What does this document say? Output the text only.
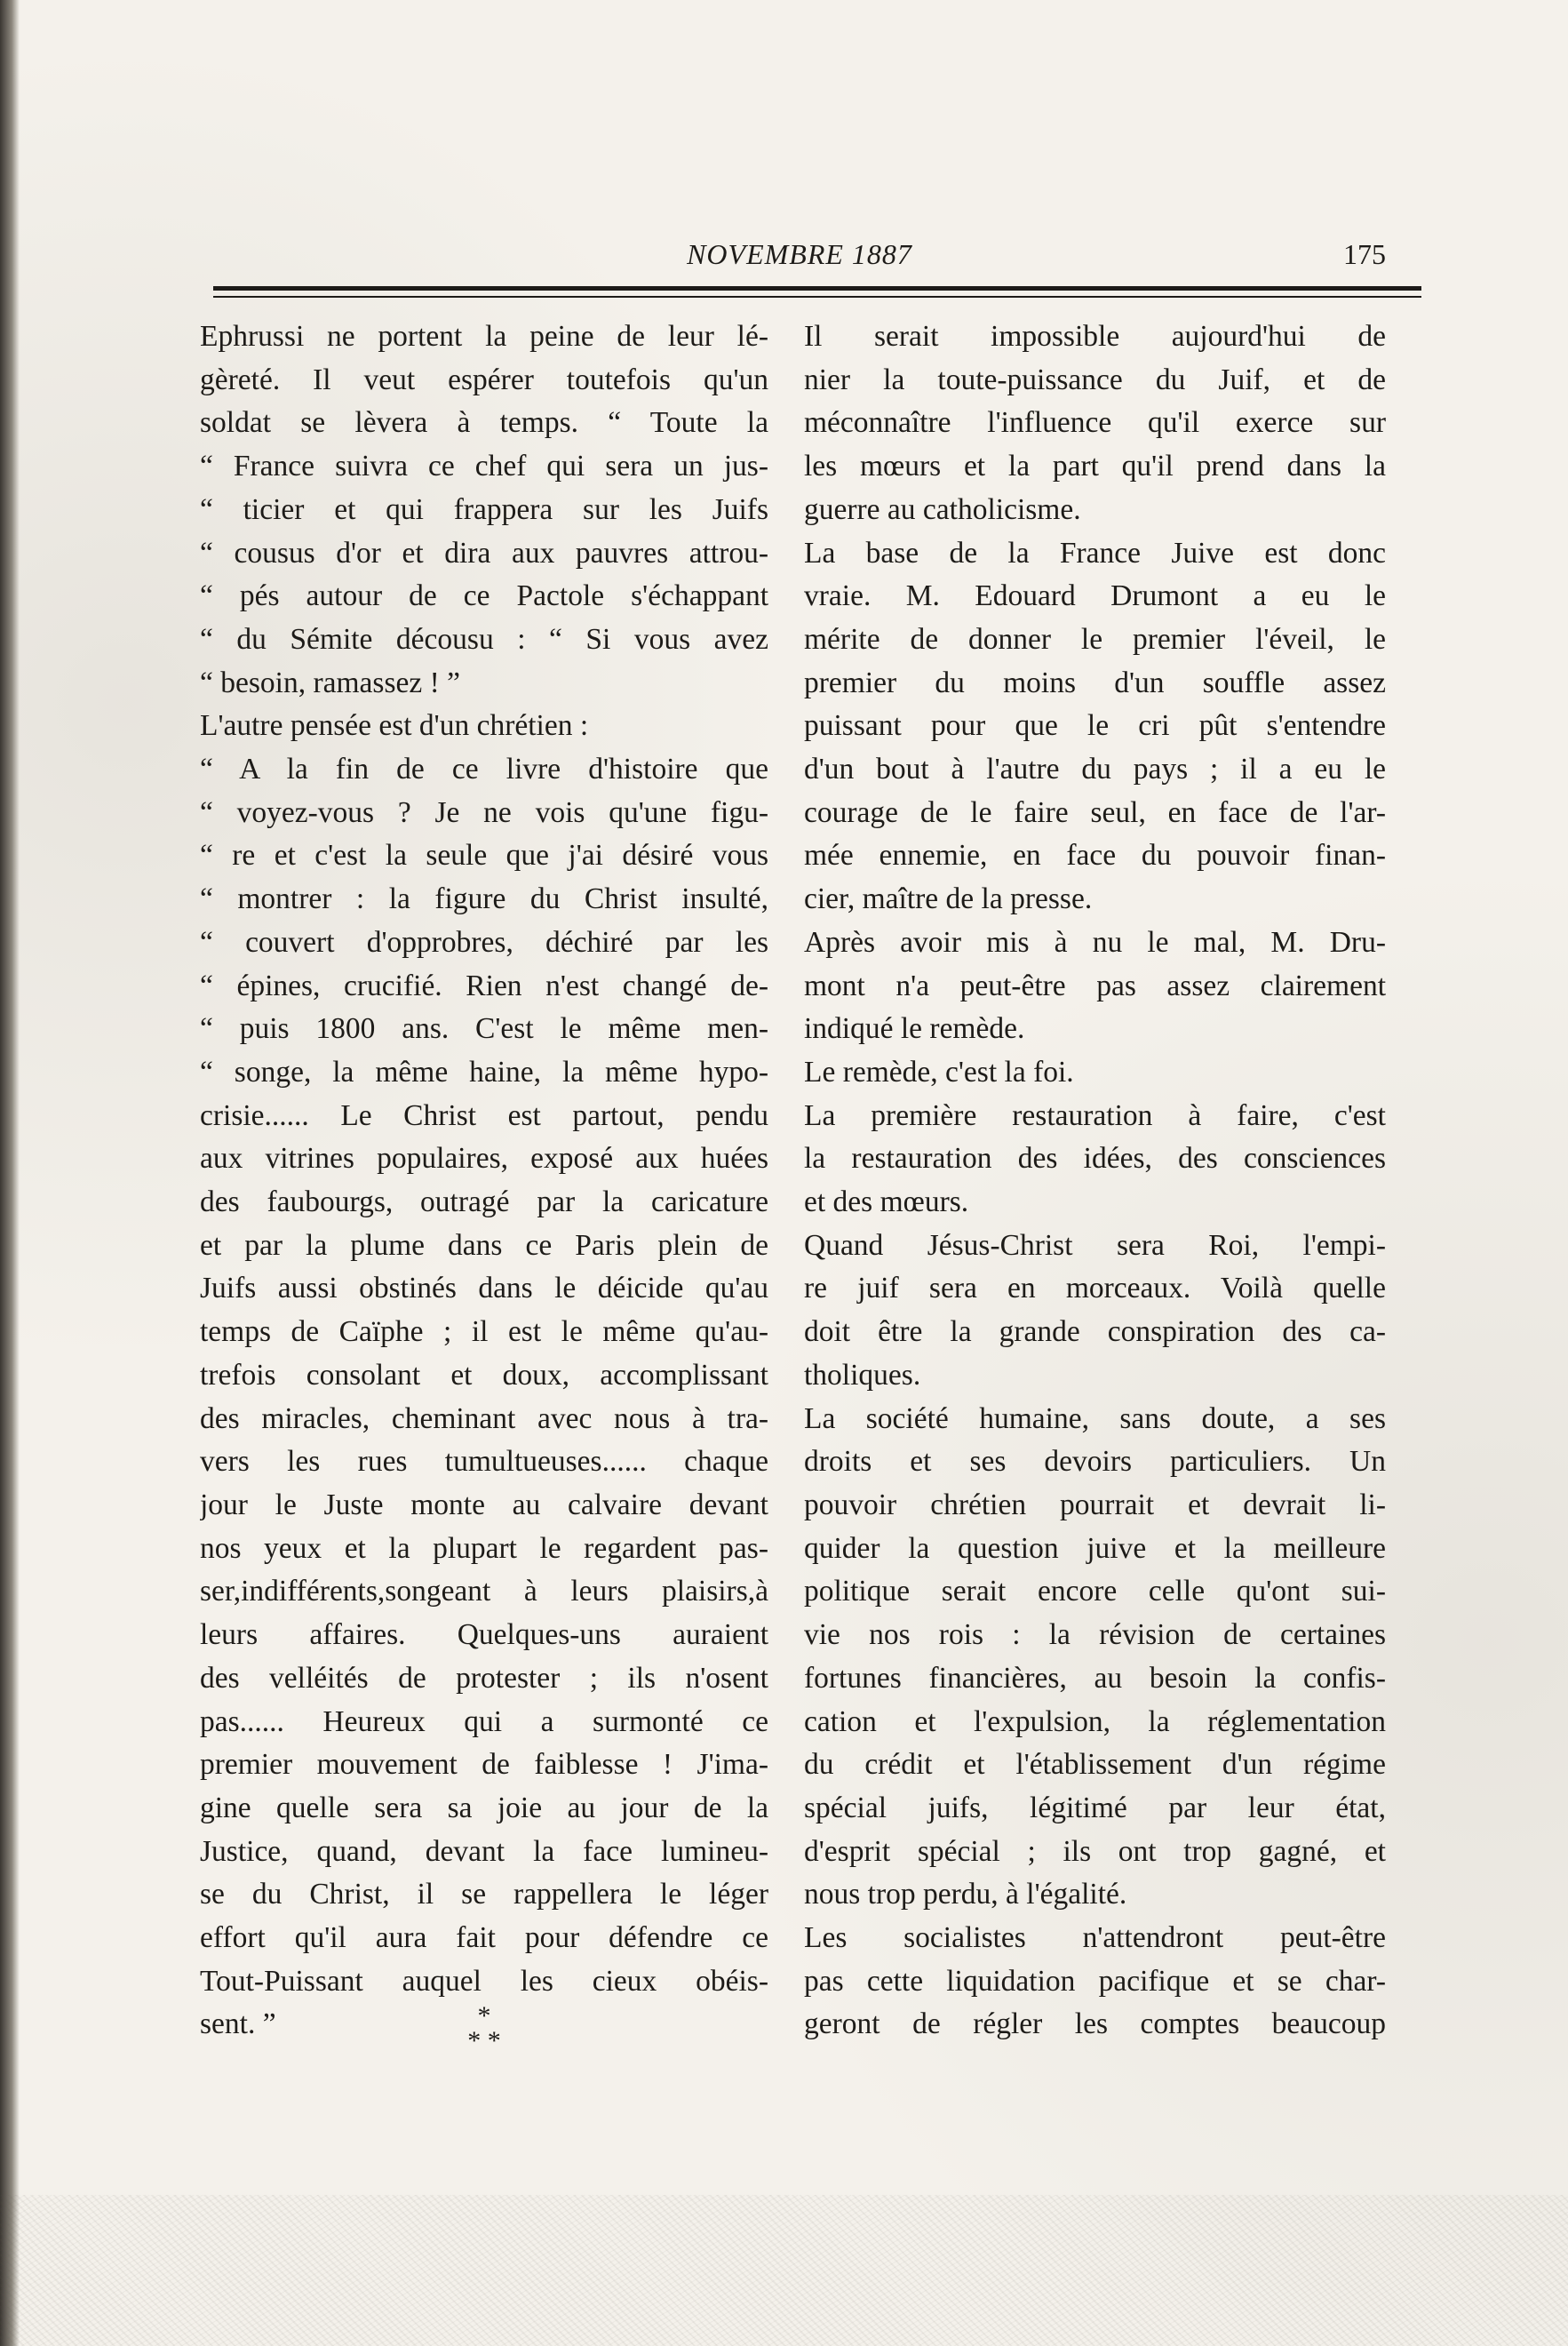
NOVEMBRE 1887	175
Ephrussi ne portent la peine de leur lé-
gèreté. Il veut espérer toutefois qu'un
soldat se lèvera à temps. “ Toute la
“ France suivra ce chef qui sera un jus-
“ ticier et qui frappera sur les Juifs
“ cousus d'or et dira aux pauvres attrou-
“ pés autour de ce Pactole s'échappant
“ du Sémite décousu : “ Si vous avez
“ besoin, ramassez ! ”
L'autre pensée est d'un chrétien :
“ A la fin de ce livre d'histoire que
“ voyez-vous ? Je ne vois qu'une figu-
“ re et c'est la seule que j'ai désiré vous
“ montrer : la figure du Christ insulté,
“ couvert d'opprobres, déchiré par les
“ épines, crucifié. Rien n'est changé de-
“ puis 1800 ans. C'est le même men-
“ songe, la même haine, la même hypo-
crisie...... Le Christ est partout, pendu
aux vitrines populaires, exposé aux huées
des faubourgs, outragé par la caricature
et par la plume dans ce Paris plein de
Juifs aussi obstinés dans le déicide qu'au
temps de Caïphe ; il est le même qu'au-
trefois consolant et doux, accomplissant
des miracles, cheminant avec nous à tra-
vers les rues tumultueuses...... chaque
jour le Juste monte au calvaire devant
nos yeux et la plupart le regardent pas-
ser,indifférents,songeant à leurs plaisirs,à
leurs affaires. Quelques-uns auraient
des velléités de protester ; ils n'osent
pas...... Heureux qui a surmonté ce
premier mouvement de faiblesse ! J'ima-
gine quelle sera sa joie au jour de la
Justice, quand, devant la face lumineu-
se du Christ, il se rappellera le léger
effort qu'il aura fait pour défendre ce
Tout-Puissant auquel les cieux obéis-
sent. ”	*
* *
Il serait impossible aujourd'hui de
nier la toute-puissance du Juif, et de
méconnaître l'influence qu'il exerce sur
les mœurs et la part qu'il prend dans la
guerre au catholicisme.
La base de la France Juive est donc
vraie. M. Edouard Drumont a eu le
mérite de donner le premier l'éveil, le
premier du moins d'un souffle assez
puissant pour que le cri pût s'entendre
d'un bout à l'autre du pays ; il a eu le
courage de le faire seul, en face de l'ar-
mée ennemie, en face du pouvoir finan-
cier, maître de la presse.
Après avoir mis à nu le mal, M. Dru-
mont n'a peut-être pas assez clairement
indiqué le remède.
Le remède, c'est la foi.
La première restauration à faire, c'est
la restauration des idées, des consciences
et des mœurs.
Quand Jésus-Christ sera Roi, l'empi-
re juif sera en morceaux. Voilà quelle
doit être la grande conspiration des ca-
tholiques.
La société humaine, sans doute, a ses
droits et ses devoirs particuliers. Un
pouvoir chrétien pourrait et devrait li-
quider la question juive et la meilleure
politique serait encore celle qu'ont sui-
vie nos rois : la révision de certaines
fortunes financières, au besoin la confis-
cation et l'expulsion, la réglementation
du crédit et l'établissement d'un régime
spécial juifs, légitimé par leur état,
d'esprit spécial ; ils ont trop gagné, et
nous trop perdu, à l'égalité.
Les socialistes n'attendront peut-être
pas cette liquidation pacifique et se char-
geront de régler les comptes beaucoup
